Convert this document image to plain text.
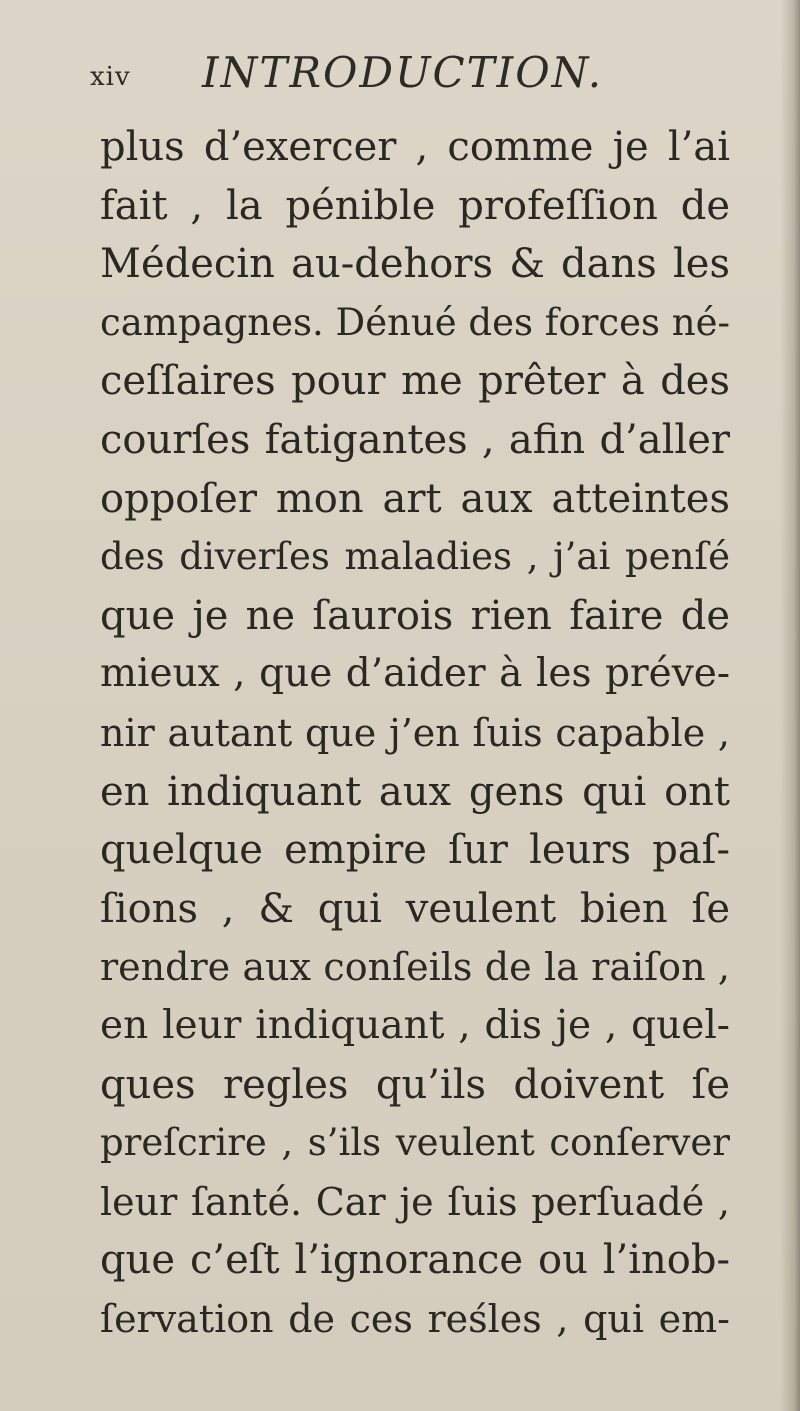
xiv INTRODUCTION.
plus d’exercer , comme je l’ai
fait , la pénible profeſſion de
Médecin au-dehors & dans les
campagnes. Dénué des forces né-
ceſſaires pour me prêter à des
courſes fatigantes , afin d’aller
oppoſer mon art aux atteintes
des diverſes maladies , j’ai penſé
que je ne ſaurois rien faire de
mieux , que d’aider à les préve-
nir autant que j’en ſuis capable ,
en indiquant aux gens qui ont
quelque empire ſur leurs paſ-
ſions , & qui veulent bien ſe
rendre aux conſeils de la raiſon ,
en leur indiquant , dis je , quel-
ques regles qu’ils doivent ſe
preſcrire , s’ils veulent conſerver
leur ſanté. Car je ſuis perſuadé ,
que c’eſt l’ignorance ou l’inob-
ſervation de ces reśles , qui em-
